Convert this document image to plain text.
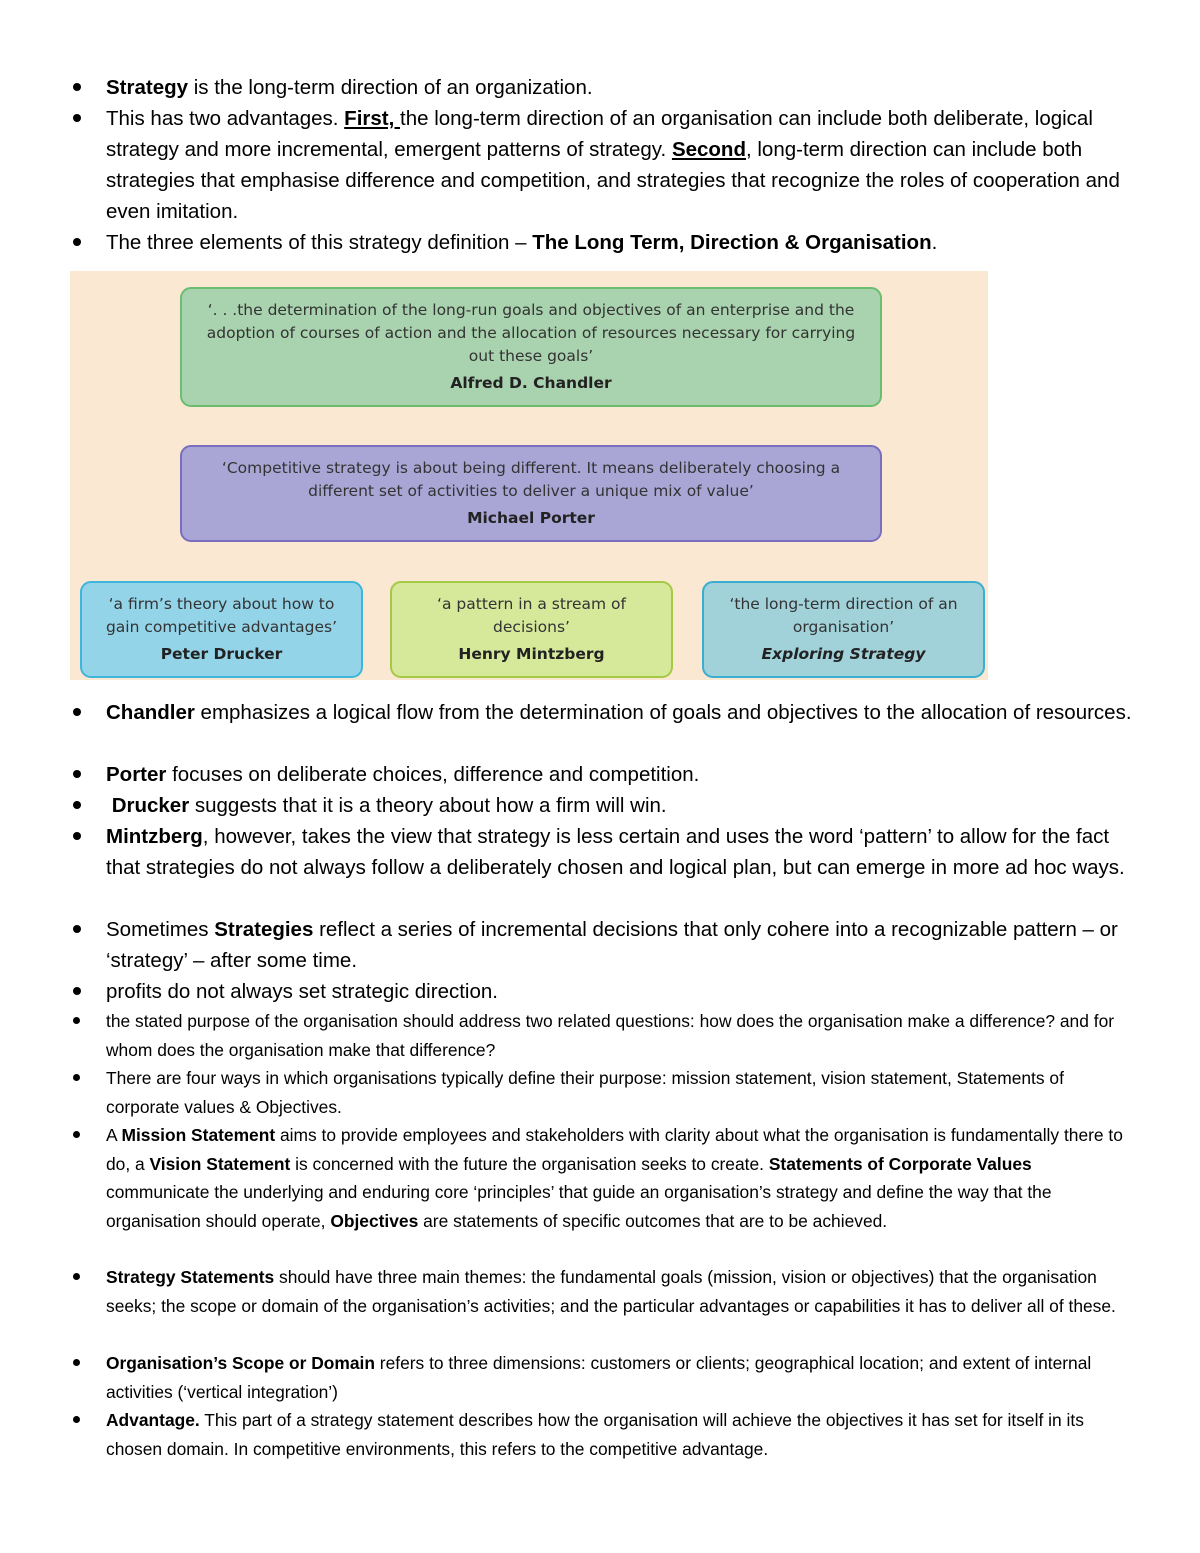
Strategy is the long-term direction of an organization.
This has two advantages. First, the long-term direction of an organisation can include both deliberate, logical strategy and more incremental, emergent patterns of strategy. Second, long-term direction can include both strategies that emphasise difference and competition, and strategies that recognize the roles of cooperation and even imitation.
The three elements of this strategy definition – The Long Term, Direction & Organisation.
‘. . .the determination of the long-run goals and objectives of an enterprise and the adoption of courses of action and the allocation of resources necessary for carrying out these goals’
Alfred D. Chandler
‘Competitive strategy is about being different. It means deliberately choosing a different set of activities to deliver a unique mix of value’
Michael Porter
‘a firm’s theory about how to gain competitive advantages’
Peter Drucker
‘a pattern in a stream of decisions’
Henry Mintzberg
‘the long-term direction of an organisation’
Exploring Strategy
Chandler emphasizes a logical flow from the determination of goals and objectives to the allocation of resources.
Porter focuses on deliberate choices, difference and competition.
Drucker suggests that it is a theory about how a firm will win.
Mintzberg, however, takes the view that strategy is less certain and uses the word ‘pattern’ to allow for the fact that strategies do not always follow a deliberately chosen and logical plan, but can emerge in more ad hoc ways.
Sometimes Strategies reflect a series of incremental decisions that only cohere into a recognizable pattern – or ‘strategy’ – after some time.
profits do not always set strategic direction.
the stated purpose of the organisation should address two related questions: how does the organisation make a difference? and for whom does the organisation make that difference?
There are four ways in which organisations typically define their purpose: mission statement, vision statement, Statements of corporate values & Objectives.
A Mission Statement aims to provide employees and stakeholders with clarity about what the organisation is fundamentally there to do, a Vision Statement is concerned with the future the organisation seeks to create. Statements of Corporate Values communicate the underlying and enduring core ‘principles’ that guide an organisation’s strategy and define the way that the organisation should operate, Objectives are statements of specific outcomes that are to be achieved.
Strategy Statements should have three main themes: the fundamental goals (mission, vision or objectives) that the organisation seeks; the scope or domain of the organisation’s activities; and the particular advantages or capabilities it has to deliver all of these.
Organisation’s Scope or Domain refers to three dimensions: customers or clients; geographical location; and extent of internal activities (‘vertical integration’)
Advantage. This part of a strategy statement describes how the organisation will achieve the objectives it has set for itself in its chosen domain. In competitive environments, this refers to the competitive advantage.
